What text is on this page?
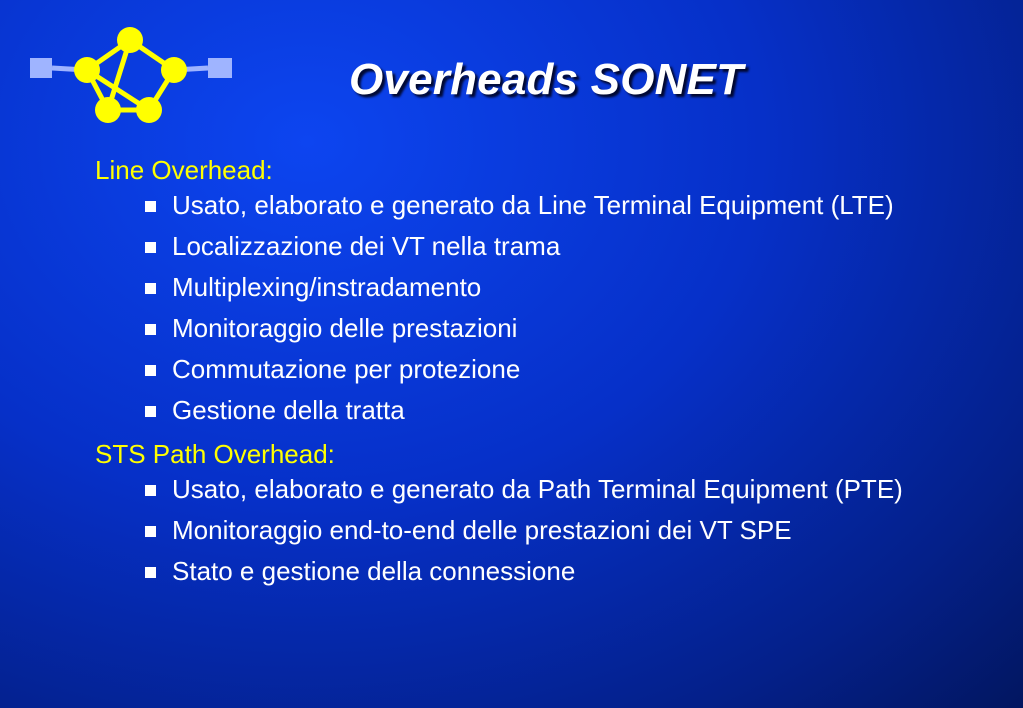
Overheads SONET

Line Overhead:

Usato, elaborato e generato da Line Terminal Equipment (LTE)
Localizzazione dei VT nella trama
Multiplexing/instradamento
Monitoraggio delle prestazioni
Commutazione per protezione
Gestione della tratta

STS Path Overhead:

Usato, elaborato e generato da Path Terminal Equipment (PTE)
Monitoraggio end-to-end delle prestazioni dei VT SPE
Stato e gestione della connessione
